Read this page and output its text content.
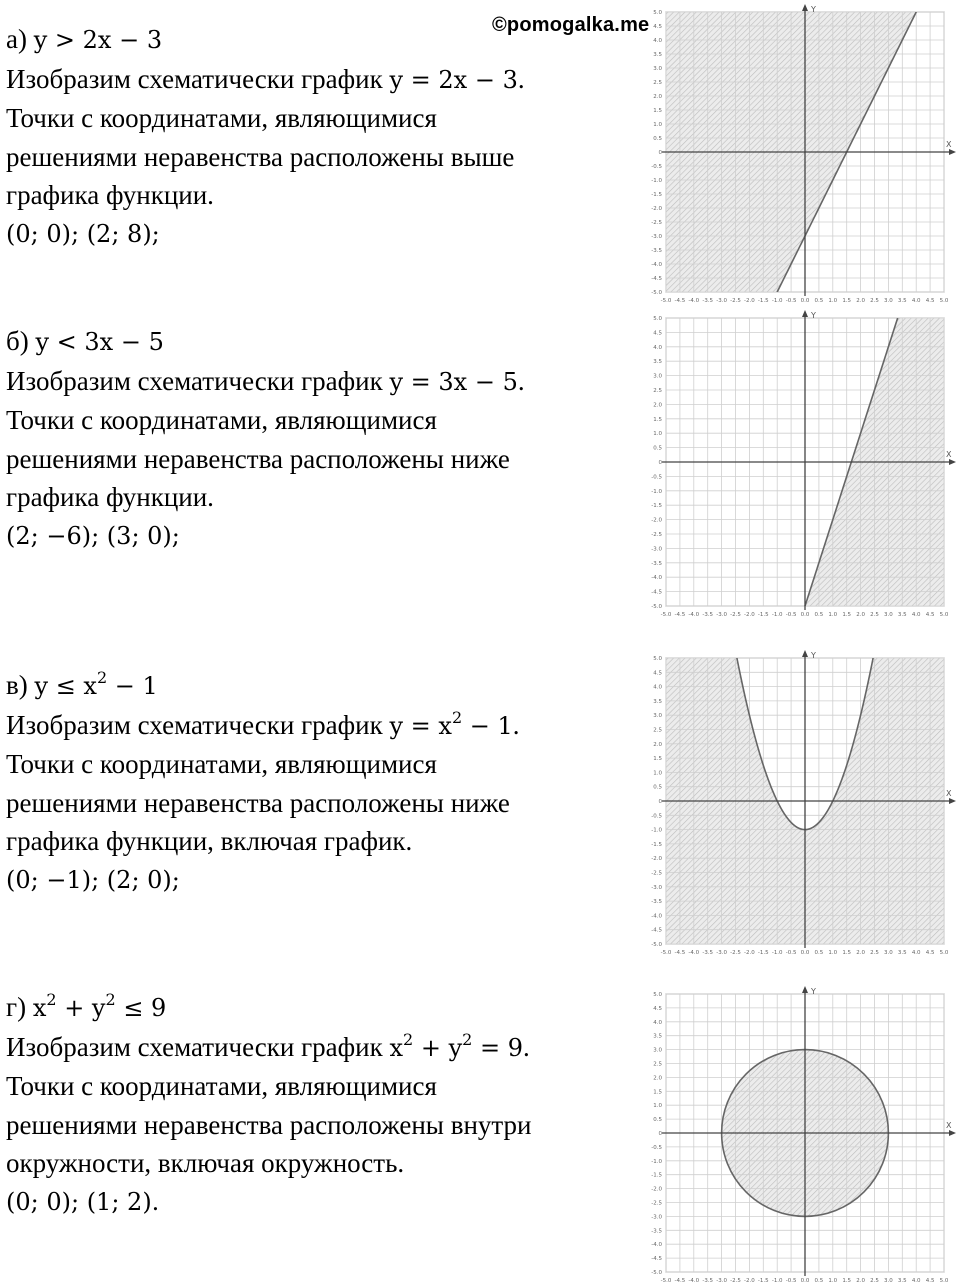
©pomogalka.me
а) y > 2x − 3
Изобразим схематически график y = 2x − 3.
Точки с координатами, являющимися
решениями неравенства расположены выше
графика функции.
(0; 0); (2; 8);
б) y < 3x − 5
Изобразим схематически график y = 3x − 5.
Точки с координатами, являющимися
решениями неравенства расположены ниже
графика функции.
(2; −6); (3; 0);
в) $y \le x^2 - 1$
Изобразим схематически график $y = x^2 - 1$.
Точки с координатами, являющимися
решениями неравенства расположены ниже
графика функции, включая график.
(0; −1); (2; 0);
г) $x^2 + y^2 \le 9$
Изобразим схематически график $x^2 + y^2 = 9$.
Точки с координатами, являющимися
решениями неравенства расположены внутри
окружности, включая окружность.
(0; 0); (1; 2).
X
Y
-5.0 -4.5 -4.0 -3.5 -3.0 -2.5 -2.0 -1.5 -1.0 -0.5 0.0 0.5 1.0 1.5 2.0 2.5 3.0 3.5 4.0 4.5 5.0
-5.0
-4.5
-4.0
-3.5
-3.0
-2.5
-2.0
-1.5
-1.0
-0.5
0
0.5
1.0
1.5
2.0
2.5
3.0
3.5
4.0
4.5
5.0
X
Y
-5.0 -4.5 -4.0 -3.5 -3.0 -2.5 -2.0 -1.5 -1.0 -0.5 0.0 0.5 1.0 1.5 2.0 2.5 3.0 3.5 4.0 4.5 5.0
-5.0
-4.5
-4.0
-3.5
-3.0
-2.5
-2.0
-1.5
-1.0
-0.5
0
0.5
1.0
1.5
2.0
2.5
3.0
3.5
4.0
4.5
5.0
X
Y
-5.0 -4.5 -4.0 -3.5 -3.0 -2.5 -2.0 -1.5 -1.0 -0.5 0.0 0.5 1.0 1.5 2.0 2.5 3.0 3.5 4.0 4.5 5.0
-5.0
-4.5
-4.0
-3.5
-3.0
-2.5
-2.0
-1.5
-1.0
-0.5
0
0.5
1.0
1.5
2.0
2.5
3.0
3.5
4.0
4.5
5.0
X
Y
-5.0 -4.5 -4.0 -3.5 -3.0 -2.5 -2.0 -1.5 -1.0 -0.5 0.0 0.5 1.0 1.5 2.0 2.5 3.0 3.5 4.0 4.5 5.0
-5.0
-4.5
-4.0
-3.5
-3.0
-2.5
-2.0
-1.5
-1.0
-0.5
0
0.5
1.0
1.5
2.0
2.5
3.0
3.5
4.0
4.5
5.0
